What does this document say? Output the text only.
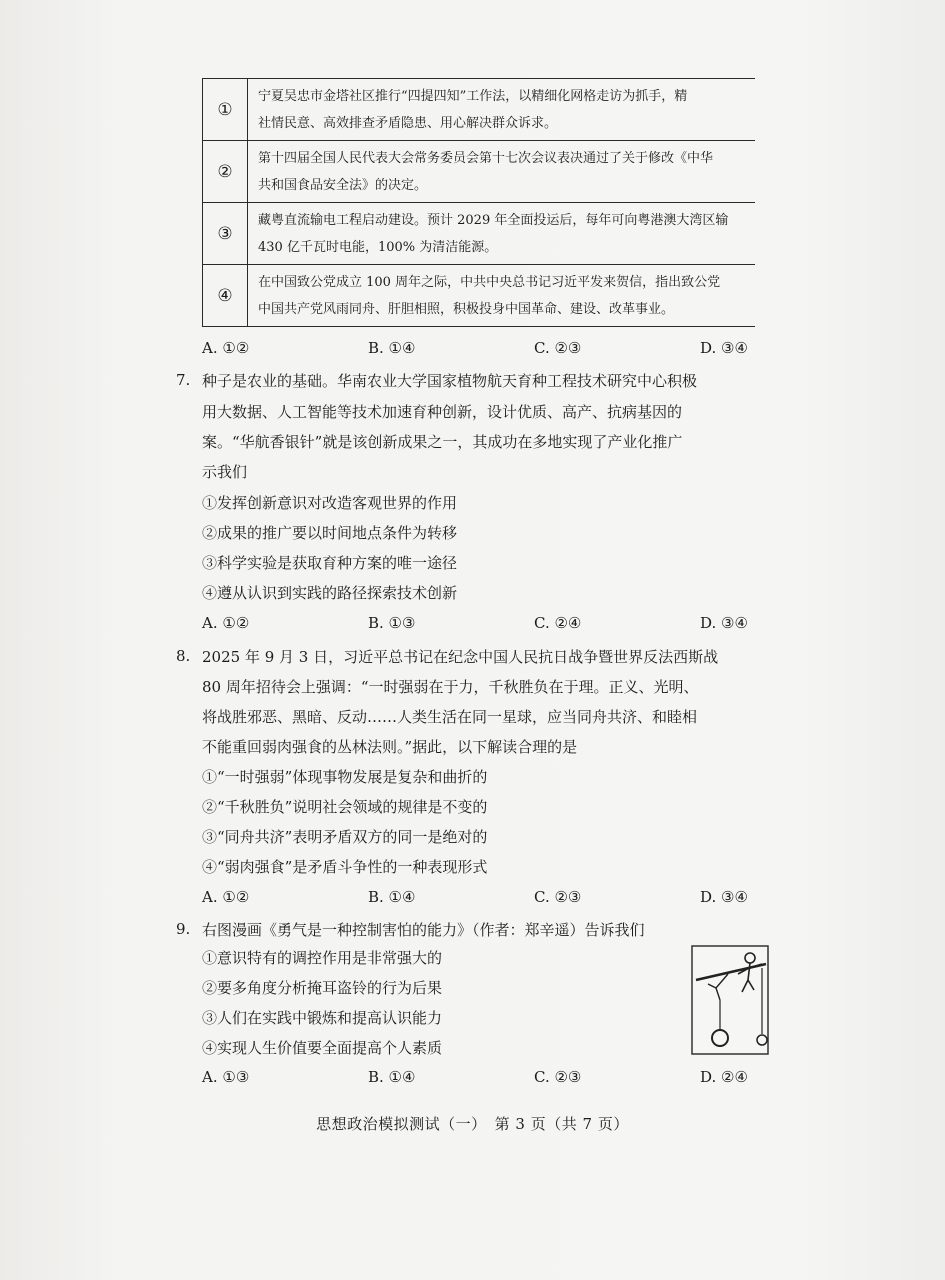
①	宁夏吴忠市金塔社区推行“四提四知”工作法，以精细化网格走访为抓手，精
社情民意、高效排查矛盾隐患、用心解决群众诉求。

②	第十四届全国人民代表大会常务委员会第十七次会议表决通过了关于修改《中华
共和国食品安全法》的决定。

③	藏粤直流输电工程启动建设。预计 2029 年全面投运后，每年可向粤港澳大湾区输
430 亿千瓦时电能，100% 为清洁能源。

④	在中国致公党成立 100 周年之际，中共中央总书记习近平发来贺信，指出致公党
中国共产党风雨同舟、肝胆相照，积极投身中国革命、建设、改革事业。
A. ①②	B. ①④	C. ②③	D. ③④
7. 种子是农业的基础。华南农业大学国家植物航天育种工程技术研究中心积极
用大数据、人工智能等技术加速育种创新，设计优质、高产、抗病基因的
案。“华航香银针”就是该创新成果之一，其成功在多地实现了产业化推广
示我们
①发挥创新意识对改造客观世界的作用
②成果的推广要以时间地点条件为转移
③科学实验是获取育种方案的唯一途径
④遵从认识到实践的路径探索技术创新
A. ①②	B. ①③	C. ②④	D. ③④
8. 2025 年 9 月 3 日，习近平总书记在纪念中国人民抗日战争暨世界反法西斯战
80 周年招待会上强调：“一时强弱在于力，千秋胜负在于理。正义、光明、
将战胜邪恶、黑暗、反动……人类生活在同一星球，应当同舟共济、和睦相
不能重回弱肉强食的丛林法则。”据此，以下解读合理的是
①“一时强弱”体现事物发展是复杂和曲折的
②“千秋胜负”说明社会领域的规律是不变的
③“同舟共济”表明矛盾双方的同一是绝对的
④“弱肉强食”是矛盾斗争性的一种表现形式
A. ①②	B. ①④	C. ②③	D. ③④
9. 右图漫画《勇气是一种控制害怕的能力》（作者：郑辛遥）告诉我们
①意识特有的调控作用是非常强大的
②要多角度分析掩耳盗铃的行为后果
③人们在实践中锻炼和提高认识能力
④实现人生价值要全面提高个人素质
A. ①③	B. ①④	C. ②③	D. ②④
思想政治模拟测试（一）　第 3 页（共 7 页）
